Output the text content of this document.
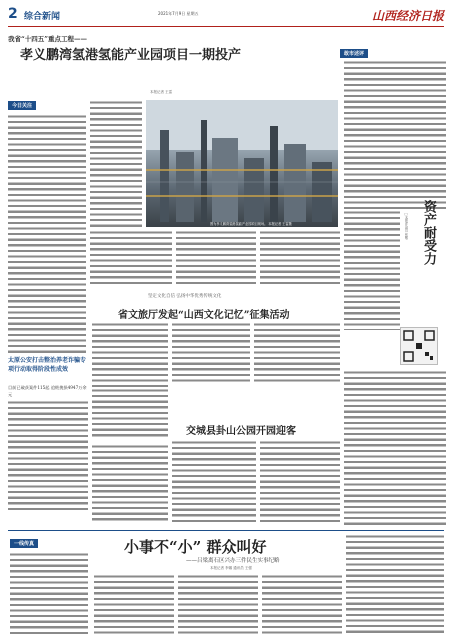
2 综合新闻	2021年7月9日 星期五	山西经济日报
我省“十四五”重点工程——
孝义鹏湾氢港氢能产业园项目一期投产
本报记者 王雷
今日关注
图为孝义鹏湾氢港氢能产业园项目现场。 本报记者 王雷摄
敢市述评
资产耐受力
□本报评论员 张敏
太原公安打击整治养老诈骗专项行动取得阶段性成效
目前已破获案件115起 追赃挽损4947万余元
坚定文化自信 弘扬中华优秀传统文化
省文旅厅发起“山西文化记忆”征集活动
交城县卦山公园开园迎客
一线传真	小事不“小” 群众叫好
——吕梁离石区兴办三件民生实事纪略
本报记者 李娜 通讯员 王强
